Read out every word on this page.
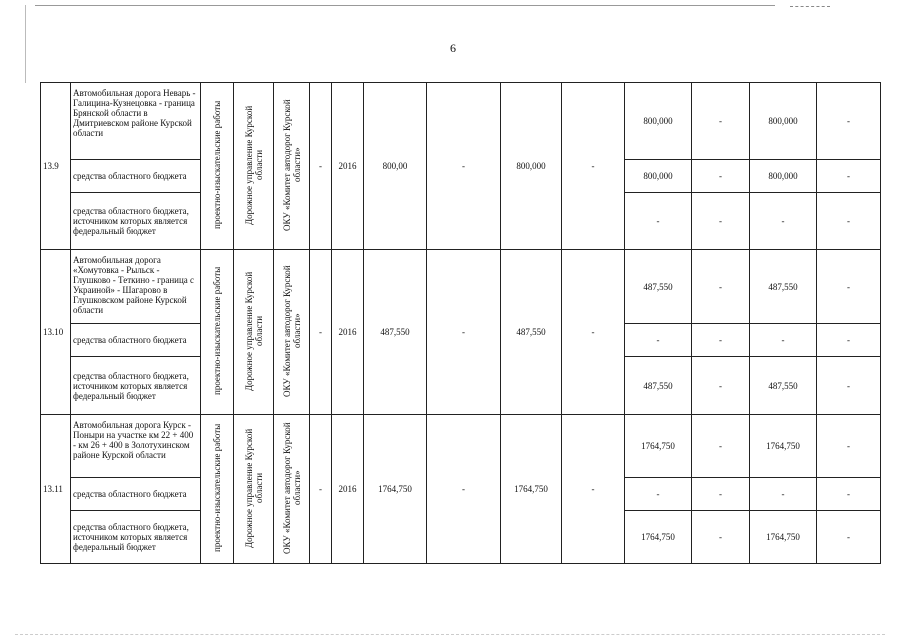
6
13.9	Автомобильная дорога Неварь - Галицина-Кузнецовка - граница Брянской области в Дмитриевском районе Курской области	проектно-изыскательские работы	Дорожное управление Курской области	ОКУ «Комитет автодорог Курской области»	-	2016	800,00	-	800,000	-	800,000	-	800,000	-
	средства областного бюджета										800,000	-	800,000	-
	средства областного бюджета, источником которых является федеральный бюджет										-	-	-	-
13.10	Автомобильная дорога «Хомутовка - Рыльск - Глушково - Теткино - граница с Украиной» - Шагарово в Глушковском районе Курской области	проектно-изыскательские работы	Дорожное управление Курской области	ОКУ «Комитет автодорог Курской области»	-	2016	487,550	-	487,550	-	487,550	-	487,550	-
	средства областного бюджета										-	-	-	-
	средства областного бюджета, источником которых является федеральный бюджет										487,550	-	487,550	-
13.11	Автомобильная дорога Курск - Поныри на участке км 22 + 400 - км 26 + 400 в Золотухинском районе Курской области	проектно-изыскательские работы	Дорожное управление Курской области	ОКУ «Комитет автодорог Курской области»	-	2016	1764,750	-	1764,750	-	1764,750	-	1764,750	-
	средства областного бюджета										-	-	-	-
	средства областного бюджета, источником которых является федеральный бюджет										1764,750	-	1764,750	-
